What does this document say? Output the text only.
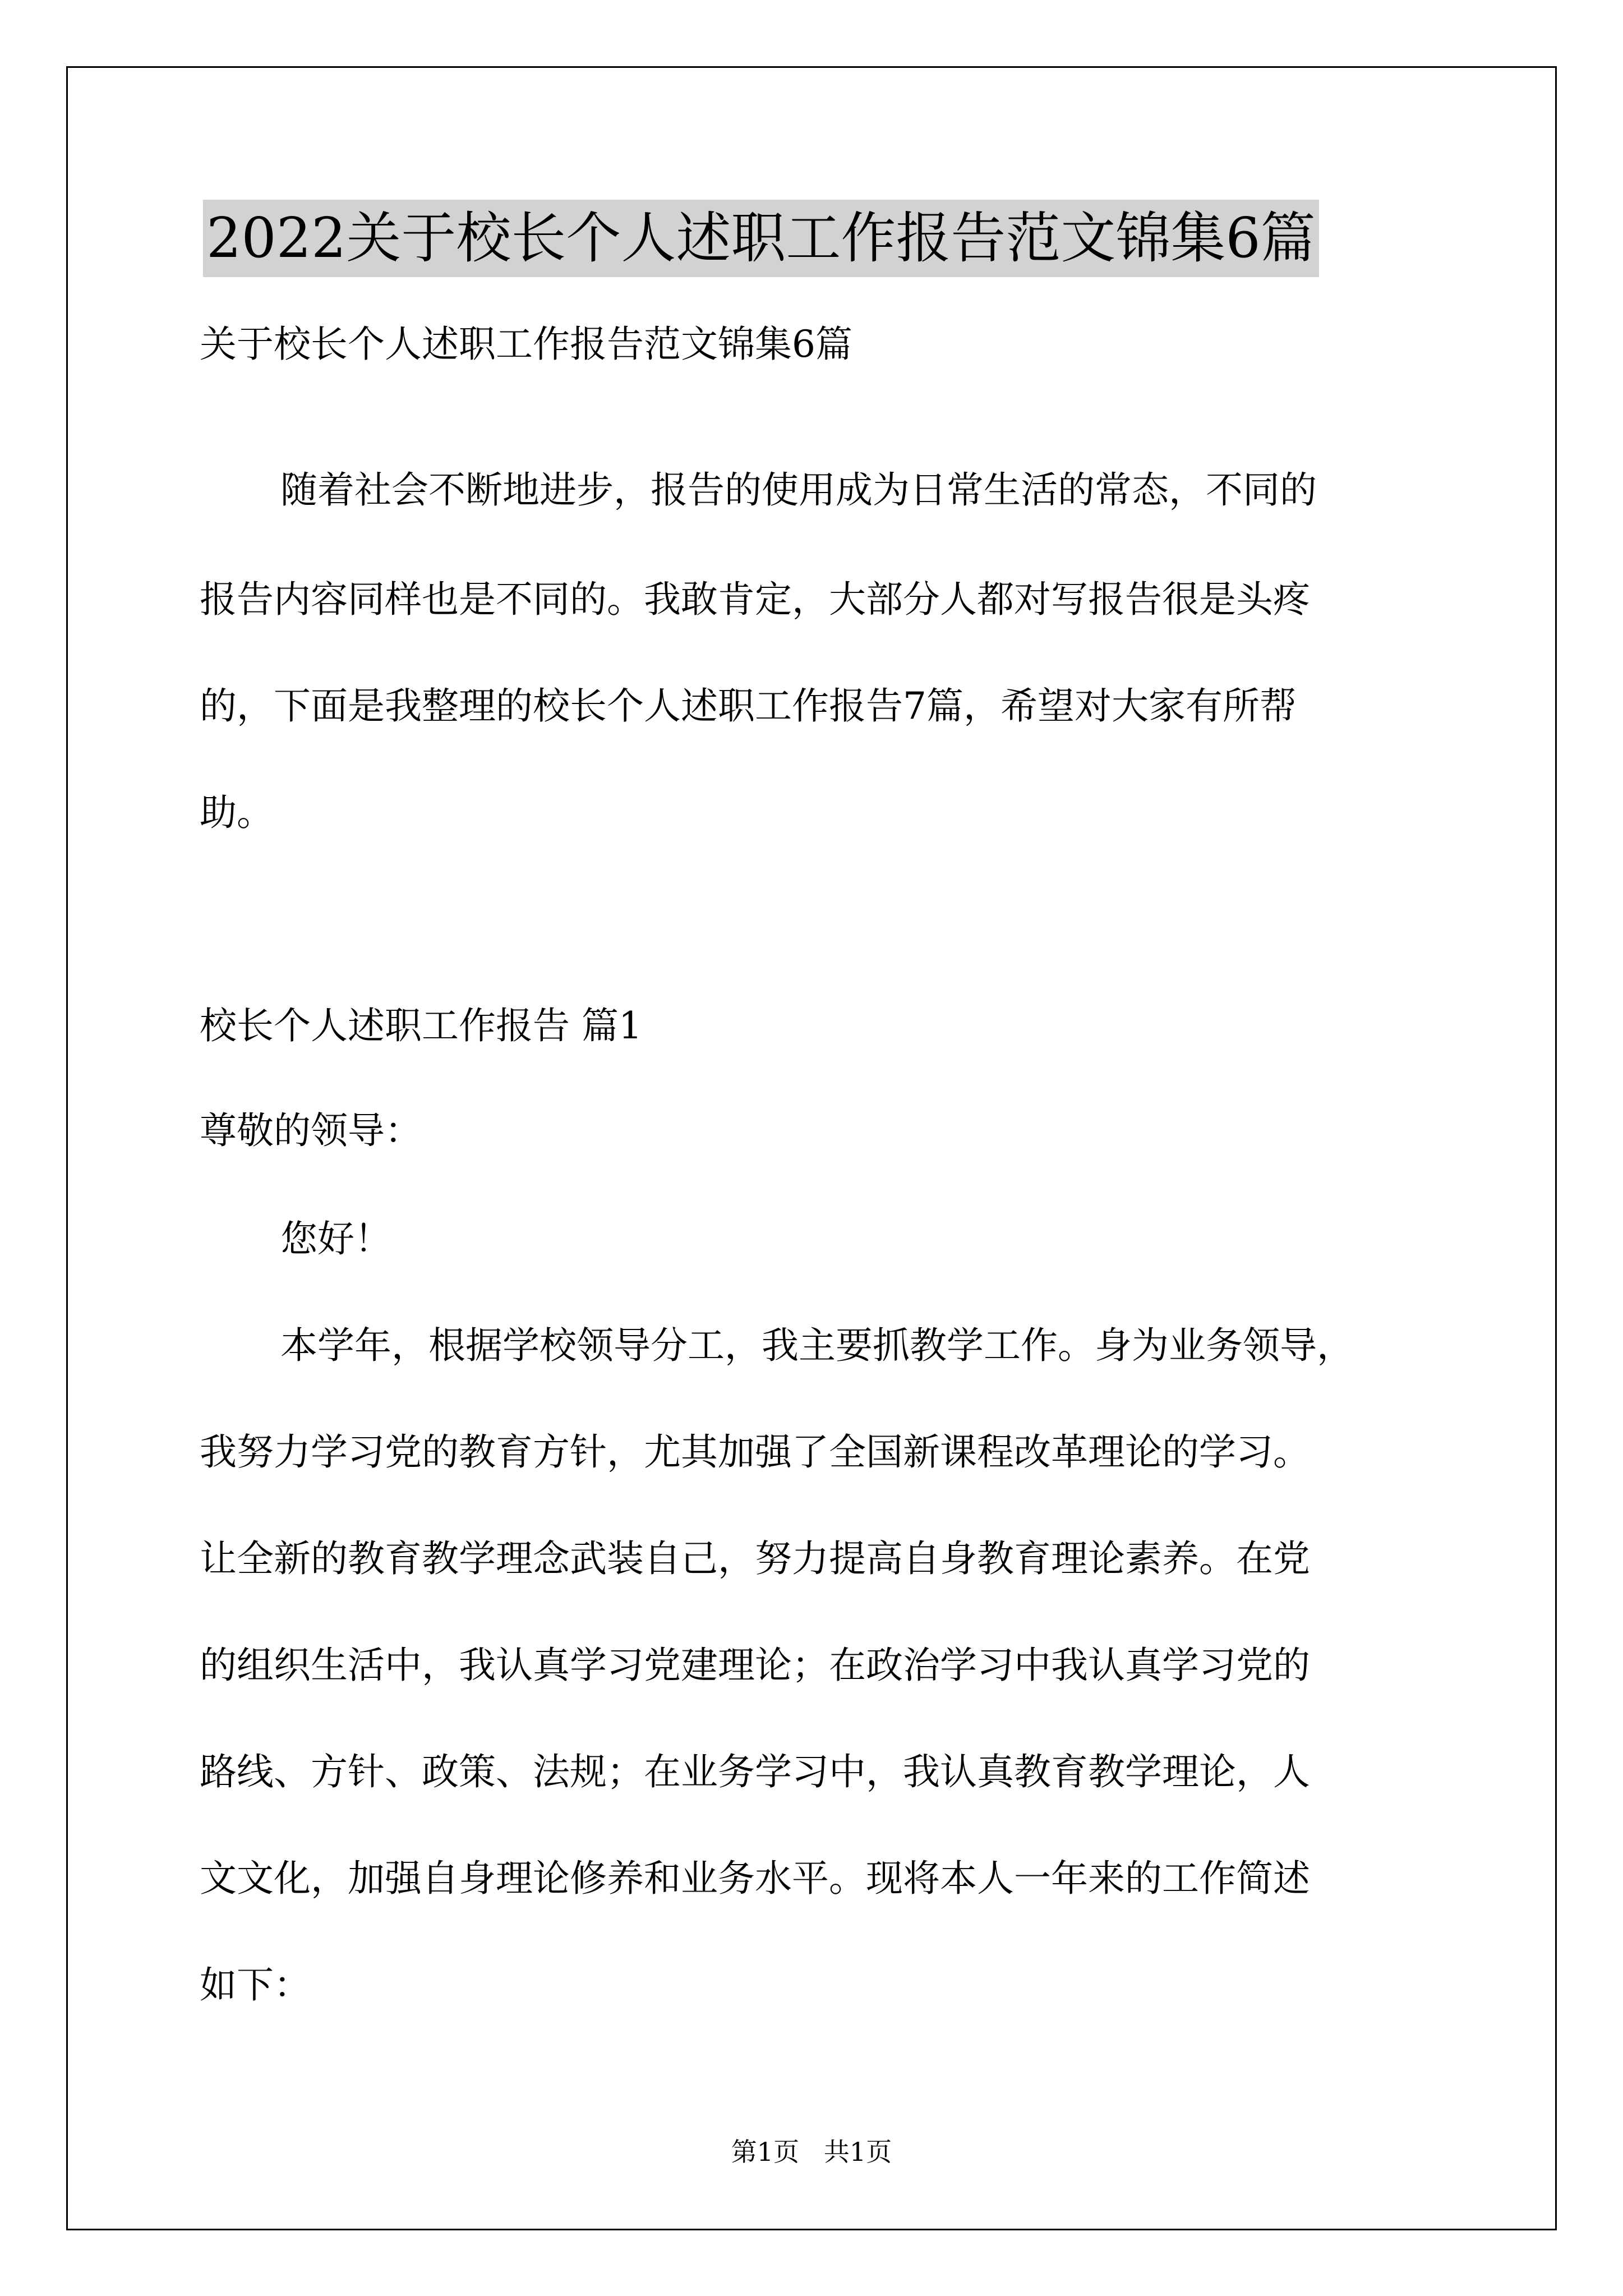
2022关于校长个人述职工作报告范文锦集6篇
关于校长个人述职工作报告范文锦集6篇
随着社会不断地进步，报告的使用成为日常生活的常态，不同的
报告内容同样也是不同的。我敢肯定，大部分人都对写报告很是头疼
的，下面是我整理的校长个人述职工作报告7篇，希望对大家有所帮
助。
校长个人述职工作报告 篇1
尊敬的领导：
您好！
本学年，根据学校领导分工，我主要抓教学工作。身为业务领导，
我努力学习党的教育方针，尤其加强了全国新课程改革理论的学习。
让全新的教育教学理念武装自己，努力提高自身教育理论素养。在党
的组织生活中，我认真学习党建理论；在政治学习中我认真学习党的
路线、方针、政策、法规；在业务学习中，我认真教育教学理论，人
文文化，加强自身理论修养和业务水平。现将本人一年来的工作简述
如下：
第1页   共1页
